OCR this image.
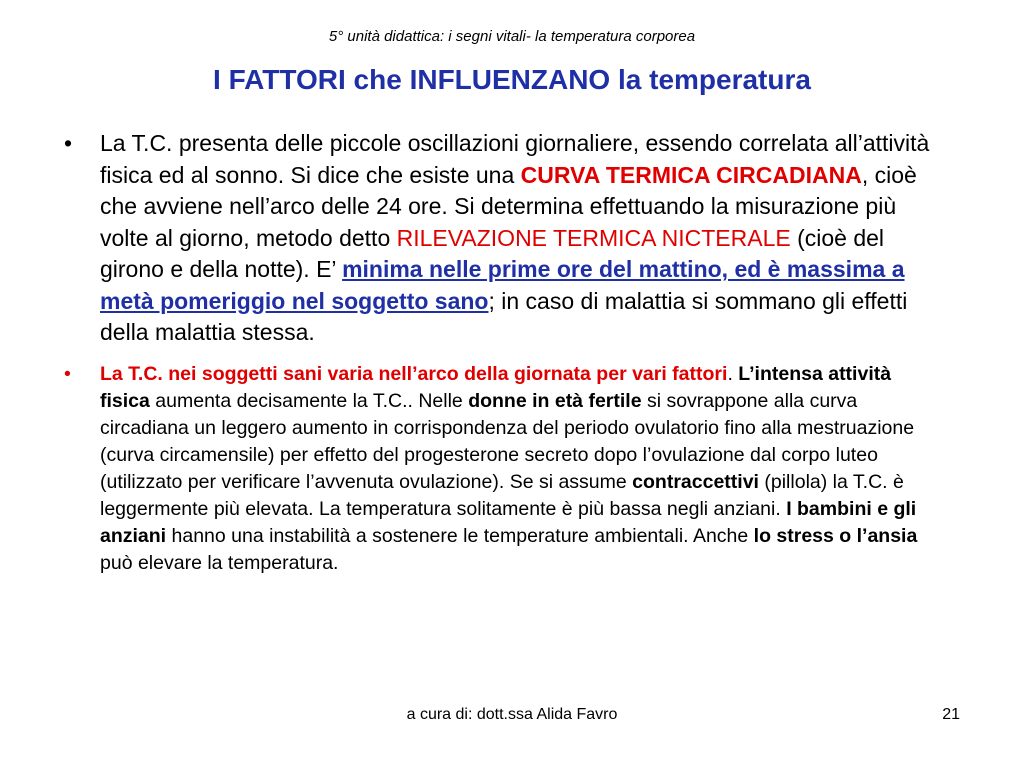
5° unità didattica: i segni vitali- la temperatura corporea
I FATTORI che INFLUENZANO la temperatura
• La T.C. presenta delle piccole oscillazioni giornaliere, essendo correlata all’attività fisica ed al sonno. Si dice che esiste una CURVA TERMICA CIRCADIANA, cioè che avviene nell’arco delle 24 ore. Si determina effettuando la misurazione più volte al giorno, metodo detto RILEVAZIONE TERMICA NICTERALE (cioè del girono e della notte). E’ minima nelle prime ore del mattino, ed è massima a metà pomeriggio nel soggetto sano; in caso di malattia si sommano gli effetti della malattia stessa.
• La T.C. nei soggetti sani varia nell’arco della giornata per vari fattori. L’intensa attività fisica aumenta decisamente la T.C.. Nelle donne in età fertile si sovrappone alla curva circadiana un leggero aumento in corrispondenza del periodo ovulatorio fino alla mestruazione (curva circamensile) per effetto del progesterone secreto dopo l’ovulazione dal corpo luteo (utilizzato per verificare l’avvenuta ovulazione). Se si assume contraccettivi (pillola) la T.C. è leggermente più elevata. La temperatura solitamente è più bassa negli anziani. I bambini e gli anziani hanno una instabilità a sostenere le temperature ambientali. Anche lo stress o l’ansia può elevare la temperatura.
a cura di: dott.ssa Alida Favro	21
